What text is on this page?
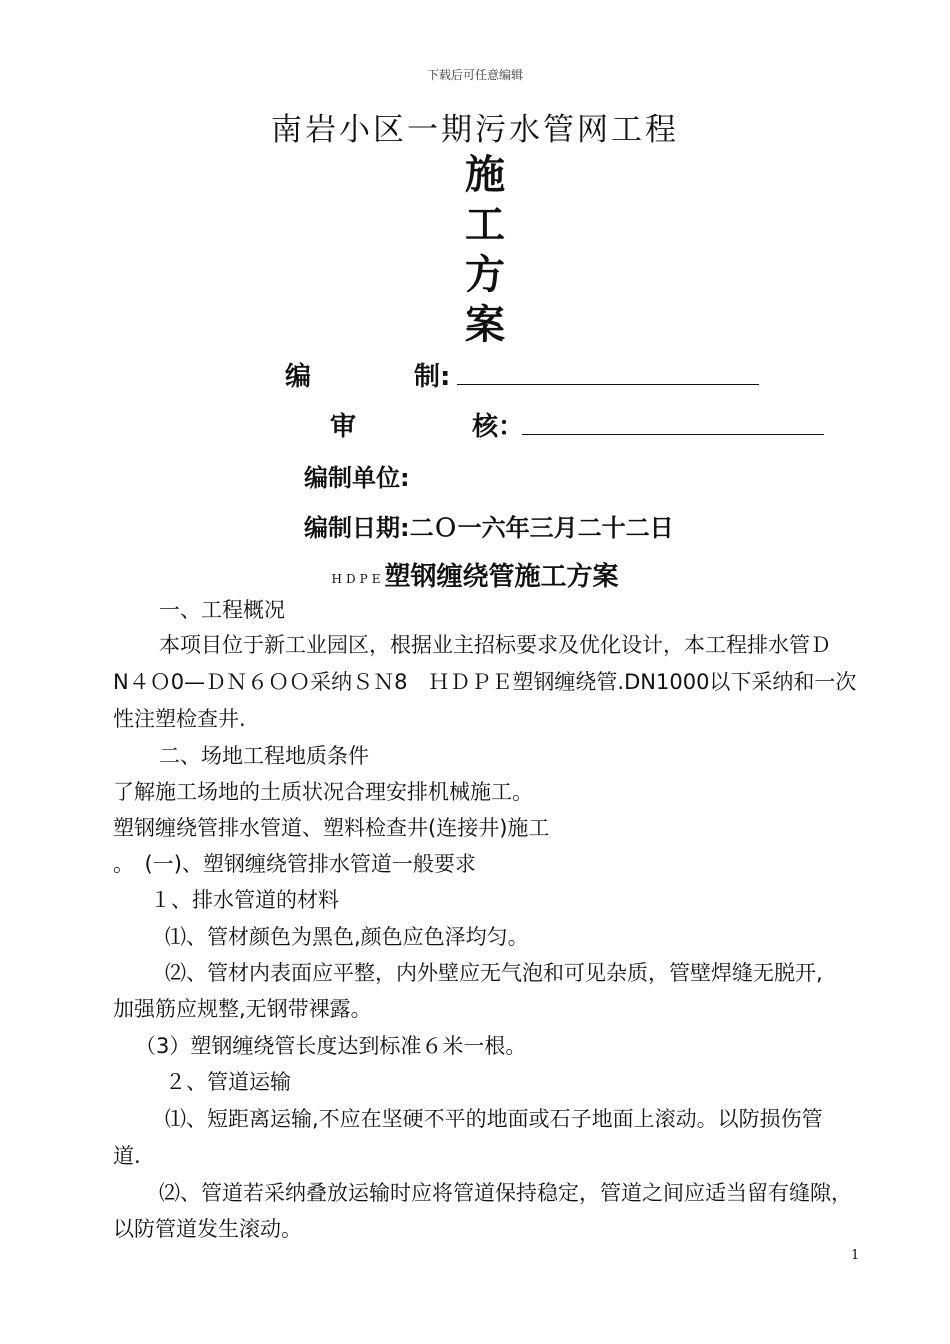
下载后可任意编辑
南岩小区一期污水管网工程
施
工
方
案
编	制:
审	核：
编制单位:
编制日期:二Ｏ一六年三月二十二日
HDPE塑钢缠绕管施工方案
一、工程概况
本项目位于新工业园区，根据业主招标要求及优化设计，本工程排水管Ｄ
N４Ｏ0—ＤＮ６ＯＯ采纳ＳＮ8　ＨＤＰＥ塑钢缠绕管.DN1000以下采纳和一次
性注塑检查井.
二、场地工程地质条件
了解施工场地的土质状况合理安排机械施工。
塑钢缠绕管排水管道、塑料检查井(连接井)施工
。　(一)、塑钢缠绕管排水管道一般要求
１、排水管道的材料
⑴、管材颜色为黑色,颜色应色泽均匀。
⑵、管材内表面应平整，内外壁应无气泡和可见杂质，管壁焊缝无脱开,
加强筋应规整,无钢带裸露。
（3）塑钢缠绕管长度达到标准６米一根。
２、管道运输
⑴、短距离运输,不应在坚硬不平的地面或石子地面上滚动。以防损伤管
道.
⑵、管道若采纳叠放运输时应将管道保持稳定，管道之间应适当留有缝隙，
以防管道发生滚动。
1
